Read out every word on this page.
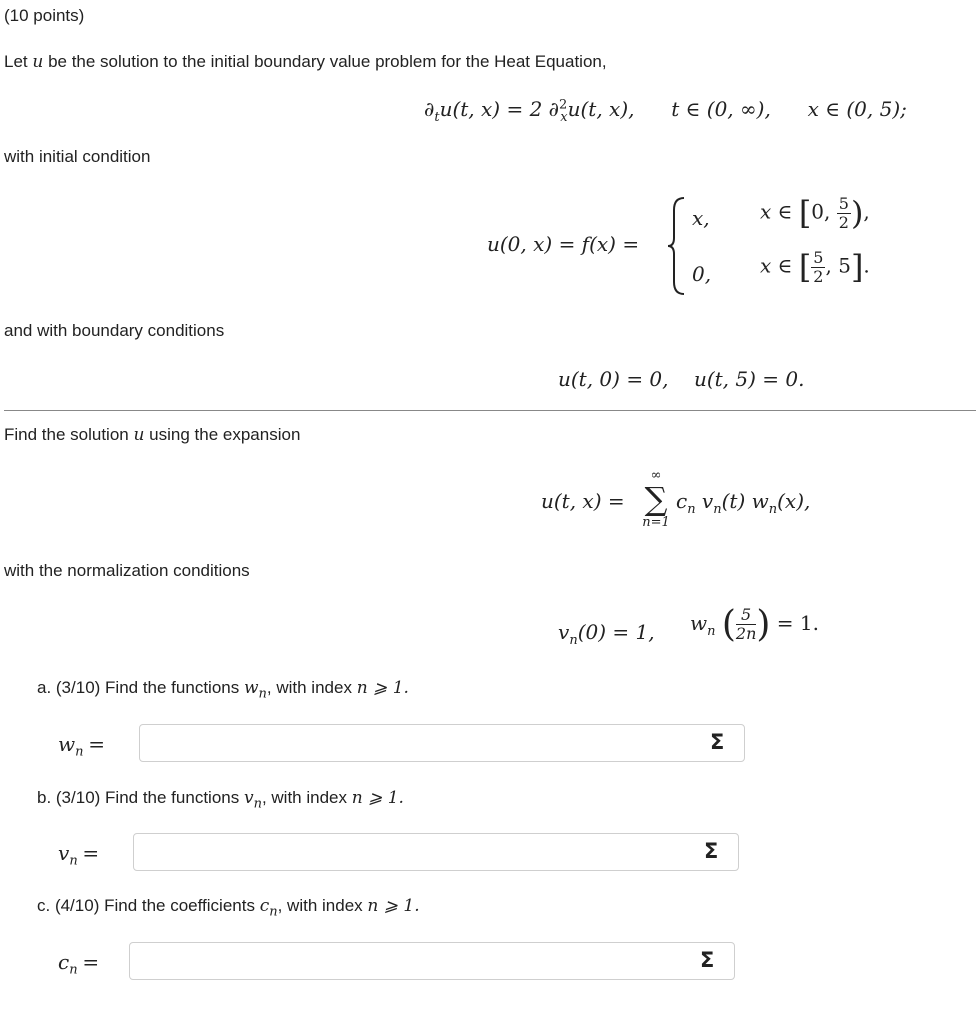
(10 points)
Let u be the solution to the initial boundary value problem for the Heat Equation,
$\partial_tu(t$, x) = 2 ∂$^2_x$u(t, x), t ∈ (0, ∞), x ∈ (0, 5);
with initial condition
u(0, x) = f(x) =
x,	x ∈ [0, $\frac{5}{2}$ ),
0, x ∈ [ $\frac{5}{2}$ , 5].
and with boundary conditions
u(t, 0) = 0,    u(t, 5) = 0.
Find the solution u using the expansion
u(t, x) =
∞
∑
n=1
$c_n$ $v_n(t)$ $w_n(x)$,
with the normalization conditions
$v_n(0) = 1$, $w_n$ ( $\frac{5}{2n}$ ) = 1.
a. (3/10) Find the functions $w_n$, with index n ⩾ 1.
$w_n$ =	Σ
b. (3/10) Find the functions $v_n$, with index n ⩾ 1.
$v_n$ =	Σ
c. (4/10) Find the coefficients $c_n$, with index n ⩾ 1.
$c_n$ =	Σ
